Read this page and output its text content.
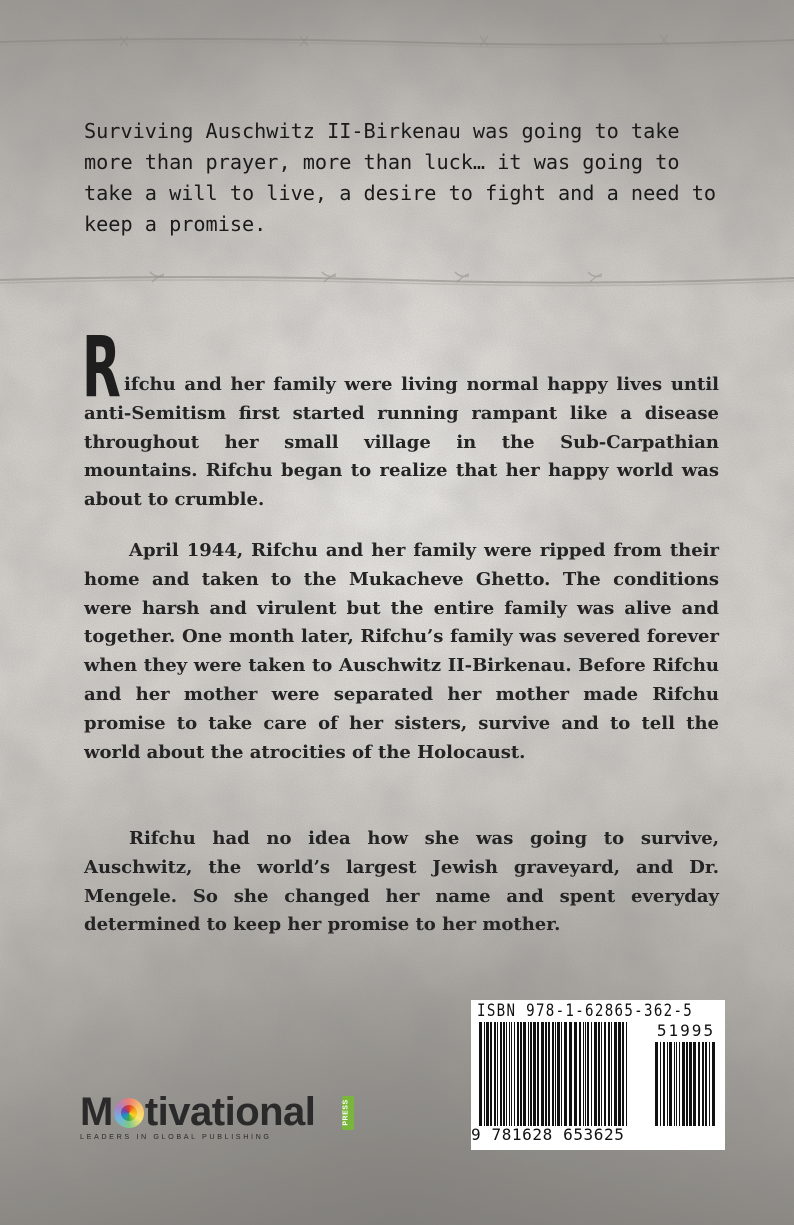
Surviving Auschwitz II-Birkenau was going to take more than prayer, more than luck… it was going to take a will to live, a desire to fight and a need to keep a promise.

R ifchu and her family were living normal happy lives until anti-Semitism first started running rampant like a disease throughout her small village in the Sub-Carpathian mountains. Rifchu began to realize that her happy world was about to crumble.

April 1944, Rifchu and her family were ripped from their home and taken to the Mukacheve Ghetto. The conditions were harsh and virulent but the entire family was alive and together. One month later, Rifchu’s family was severed forever when they were taken to Auschwitz II-Birkenau. Before Rifchu and her mother were separated her mother made Rifchu promise to take care of her sisters, survive and to tell the world about the atrocities of the Holocaust.

Rifchu had no idea how she was going to survive, Auschwitz, the world’s largest Jewish graveyard, and Dr. Mengele. So she changed her name and spent everyday determined to keep her promise to her mother.

M tivational	PRESS
LEADERS IN GLOBAL PUBLISHING

ISBN 978-1-62865-362-5

51995
9 781628 653625
